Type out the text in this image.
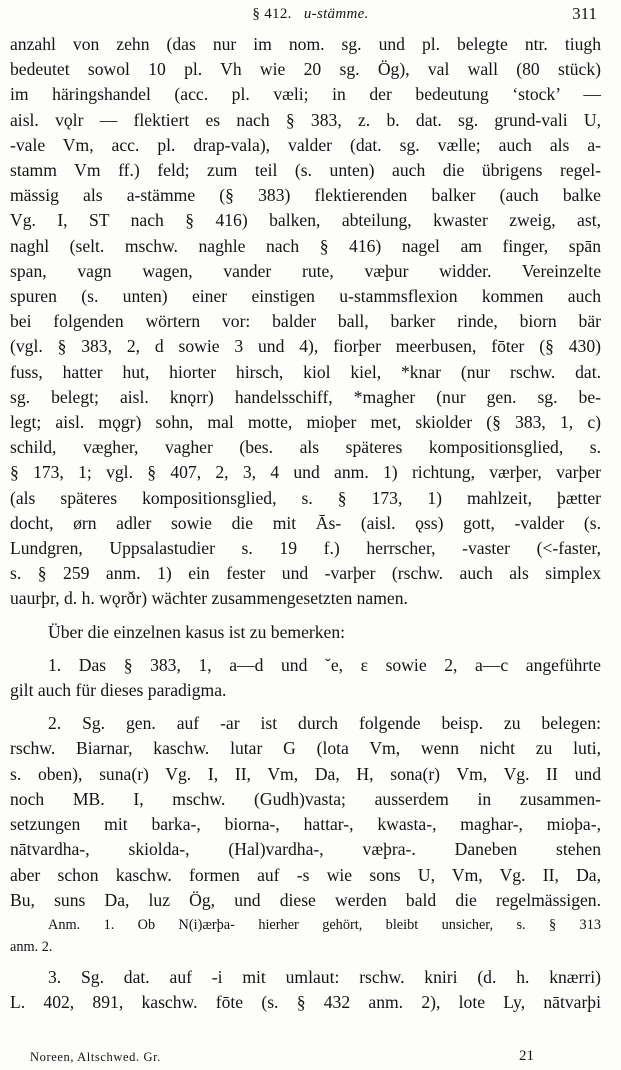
§ 412. u-stämme.	311

anzahl von zehn (das nur im nom. sg. und pl. belegte ntr. tiugh

bedeutet sowol 10 pl. Vh wie 20 sg. Ög), val wall (80 stück)

im häringshandel (acc. pl. væli; in der bedeutung ‘stock’ —

aisl. vǫlr — flektiert es nach § 383, z. b. dat. sg. grund-vali U,

-vale Vm, acc. pl. drap-vala), valder (dat. sg. vælle; auch als a-

stamm Vm ff.) feld; zum teil (s. unten) auch die übrigens regel-

mässig als a-stämme (§ 383) flektierenden balker (auch balke

Vg. I, ST nach § 416) balken, abteilung, kwaster zweig, ast,

naghl (selt. mschw. naghle nach § 416) nagel am finger, spān

span, vagn wagen, vander rute, væþur widder. Vereinzelte

spuren (s. unten) einer einstigen u-stammsflexion kommen auch

bei folgenden wörtern vor: balder ball, barker rinde, biorn bär

(vgl. § 383, 2, d sowie 3 und 4), fiorþer meerbusen, fōter (§ 430)

fuss, hatter hut, hiorter hirsch, kiol kiel, *knar (nur rschw. dat.

sg. belegt; aisl. knǫrr) handelsschiff, *magher (nur gen. sg. be-

legt; aisl. mǫgr) sohn, mal motte, mioþer met, skiolder (§ 383, 1, c)

schild, vægher, vagher (bes. als späteres kompositionsglied, s.

§ 173, 1; vgl. § 407, 2, 3, 4 und anm. 1) richtung, værþer, varþer

(als späteres kompositionsglied, s. § 173, 1) mahlzeit, þætter

docht, ørn adler sowie die mit Ās- (aisl. ǫss) gott, -valder (s.

Lundgren, Uppsalastudier s. 19 f.) herrscher, -vaster (<-faster,

s. § 259 anm. 1) ein fester und -varþer (rschw. auch als simplex

uaurþr, d. h. wǫrðr) wächter zusammengesetzten namen.

Über die einzelnen kasus ist zu bemerken:

1. Das § 383, 1, a—d und ˘e, ε sowie 2, a—c angeführte

gilt auch für dieses paradigma.

2. Sg. gen. auf -ar ist durch folgende beisp. zu belegen:

rschw. Biarnar, kaschw. lutar G (lota Vm, wenn nicht zu luti,

s. oben), suna(r) Vg. I, II, Vm, Da, H, sona(r) Vm, Vg. II und

noch MB. I, mschw. (Gudh)vasta; ausserdem in zusammen-

setzungen mit barka-, biorna-, hattar-, kwasta-, maghar-, mioþa-,

nātvardha-, skiolda-, (Hal)vardha-, væþra-. Daneben stehen

aber schon kaschw. formen auf -s wie sons U, Vm, Vg. II, Da,

Bu, suns Da, luz Ög, und diese werden bald die regelmässigen.

Anm. 1. Ob N(i)ærþa- hierher gehört, bleibt unsicher, s. § 313

anm. 2.

3. Sg. dat. auf -i mit umlaut: rschw. kniri (d. h. knærri)

L. 402, 891, kaschw. fōte (s. § 432 anm. 2), lote Ly, nātvarþi

Noreen, Altschwed. Gr.	21
